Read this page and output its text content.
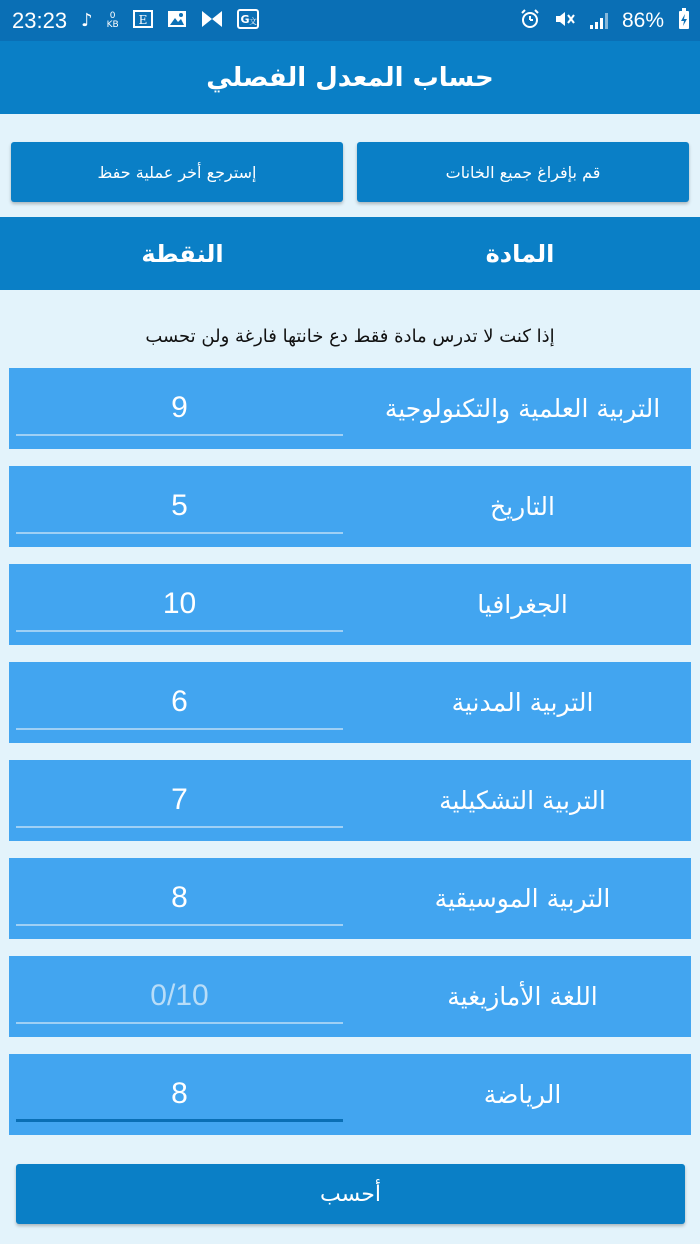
23:23 ♪	0
KB E	G 文	86%
حساب المعدل الفصلي
قم بإفراغ جميع الخانات
إسترجع أخر عملية حفظ
المادة
النقطة
إذا كنت لا تدرس مادة فقط دع خانتها فارغة ولن تحسب
التربية العلمية والتكنولوجية
9
التاريخ
5
الجغرافيا
10
التربية المدنية
6
التربية التشكيلية
7
التربية الموسيقية
8
اللغة الأمازيغية
0/10
الرياضة
8
أحسب
